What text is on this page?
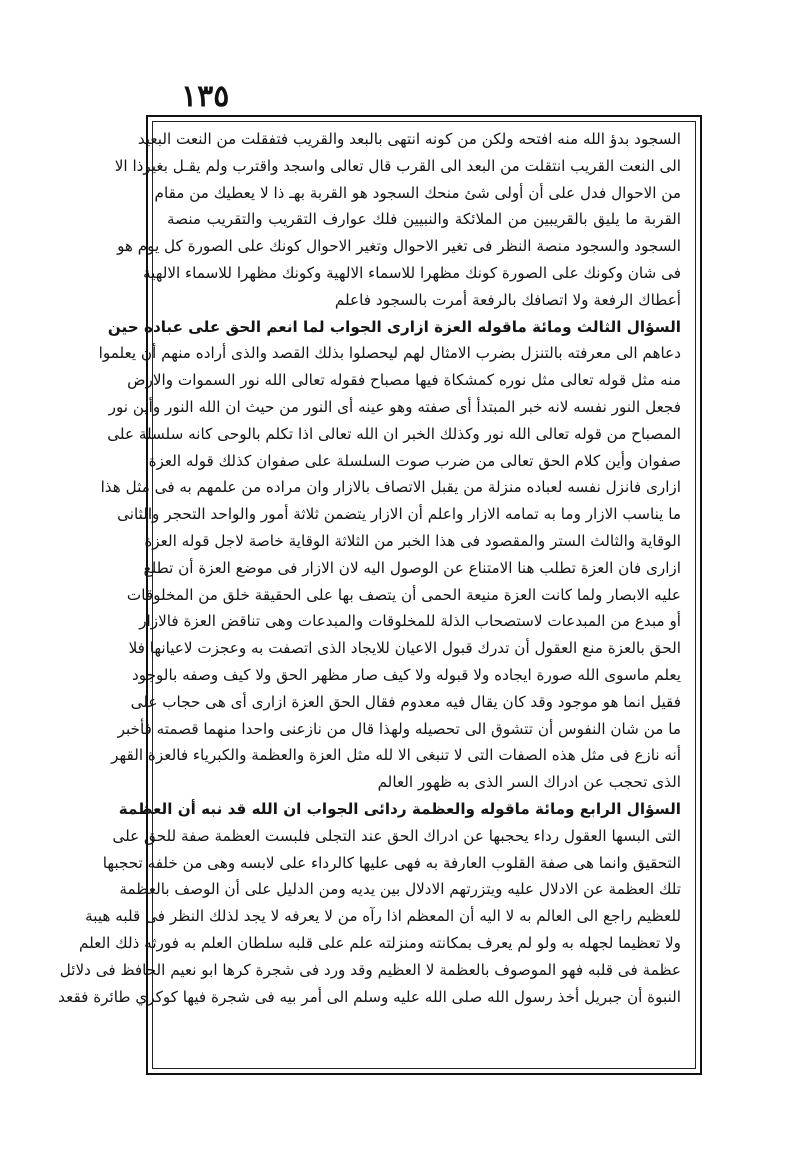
١٣٥
السجود بدؤ الله منه افتحه ولكن من كونه انتهى بالبعد والقريب فتفقلت من النعت البعيد
الى النعت القريب انتقلت من البعد الى القرب قال تعالى واسجد واقترب ولم يقـل بغيرذا الا
من الاحوال فدل على أن أولى شئ منحك السجود هو القربة بهـ ذا لا يعطيك من مقام
القربة ما يليق بالقريبين من الملائكة والنبيين فلك عوارف التقريب والتقريب منصة
السجود والسجود منصة النظر فى تغير الاحوال وتغير الاحوال كونك على الصورة كل يوم هو
فى شان وكونك على الصورة كونك مظهرا للاسماء الالهية وكونك مظهرا للاسماء الالهية
أعطاك الرفعة ولا اتصافك بالرفعة أمرت بالسجود فاعلم
السؤال الثالث ومائة ماقوله العزة ازارى الجواب لما انعم الحق على عباده حين
دعاهم الى معرفته بالتنزل بضرب الامثال لهم ليحصلوا بذلك القصد والذى أراده منهم أن يعلموا
منه مثل قوله تعالى مثل نوره كمشكاة فيها مصباح فقوله تعالى الله نور السموات والارض
فجعل النور نفسه لانه خبر المبتدأ أى صفته وهو عينه أى النور من حيث ان الله النور وأين نور
المصباح من قوله تعالى الله نور وكذلك الخبر ان الله تعالى اذا تكلم بالوحى كانه سلسلة على
صفوان وأين كلام الحق تعالى من ضرب صوت السلسلة على صفوان كذلك قوله العزة
ازارى فانزل نفسه لعباده منزلة من يقبل الاتصاف بالازار وان مراده من علمهم به فى مثل هذا
ما يناسب الازار وما به تمامه الازار واعلم أن الازار يتضمن ثلاثة أمور والواحد التحجر والثانى
الوقاية والثالث الستر والمقصود فى هذا الخبر من الثلاثة الوقاية خاصة لاجل قوله العزة
ازارى فان العزة تطلب هنا الامتناع عن الوصول اليه لان الازار فى موضع العزة أن تطلع
عليه الابصار ولما كانت العزة منيعة الحمى أن يتصف بها على الحقيقة خلق من المخلوقات
أو مبدع من المبدعات لاستصحاب الذلة للمخلوقات والمبدعات وهى تناقض العزة فالازار
الحق بالعزة منع العقول أن تدرك قبول الاعيان للايجاد الذى اتصفت به وعجزت لاعيانها فلا
يعلم ماسوى الله صورة ايجاده ولا قبوله ولا كيف صار مظهر الحق ولا كيف وصفه بالوجود
فقيل انما هو موجود وقد كان يقال فيه معدوم فقال الحق العزة ازارى أى هى حجاب على
ما من شان النفوس أن تتشوق الى تحصيله ولهذا قال من نازعنى واحدا منهما قصمته فأخبر
أنه نازع فى مثل هذه الصفات التى لا تنبغى الا لله مثل العزة والعظمة والكبرياء فالعزة القهر
الذى تحجب عن ادراك السر الذى به ظهور العالم
السؤال الرابع ومائة ماقوله والعظمة ردائى الجواب ان الله قد نبه أن العظمة
التى البسها العقول رداء يحجبها عن ادراك الحق عند التجلى فلبست العظمة صفة للحق على
التحقيق وانما هى صفة القلوب العارفة به فهى عليها كالرداء على لابسه وهى من خلفه تحجبها
تلك العظمة عن الادلال عليه ويتزرتهم الادلال بين يديه ومن الدليل على أن الوصف بالعظمة
للعظيم راجع الى العالم به لا اليه أن المعظم اذا رآه من لا يعرفه لا يجد لذلك النظر فى قلبه هيبة
ولا تعظيما لجهله به ولو لم يعرف بمكانته ومنزلته علم على قلبه سلطان العلم به فورثه ذلك العلم
عظمة فى قلبه فهو الموصوف بالعظمة لا العظيم وقد ورد فى شجرة كرها ابو نعيم الحافظ فى دلائل
النبوة أن جبريل أخذ رسول الله صلى الله عليه وسلم الى أمر بيه فى شجرة فيها كوكري طائرة فقعد
